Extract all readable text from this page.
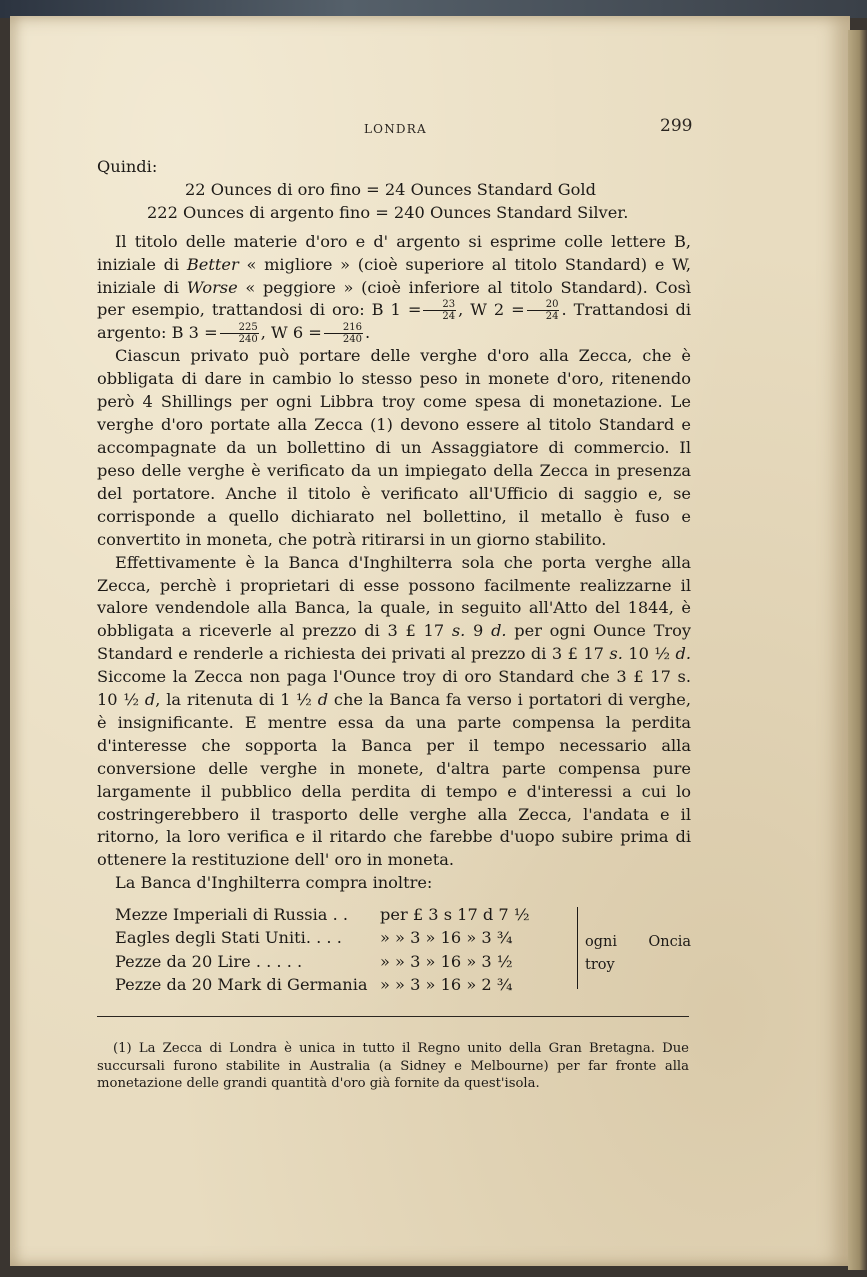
LONDRA	299

Quindi:

22 Ounces di oro fino = 24 Ounces Standard Gold

222 Ounces di argento fino = 240 Ounces Standard Silver.

Il titolo delle materie d'oro e d' argento si esprime colle lettere B, iniziale di Better « migliore » (cioè superiore al titolo Standard) e W, iniziale di Worse « peggiore » (cioè inferiore al titolo Standard). Così per esempio, trattandosi di oro: B $1 = \frac{23}{24}$ , W $2 = \frac{20}{24}$ . Trattandosi di argento: B $3 = \frac{225}{240}$ , W $6 = \frac{216}{240}$ .

Ciascun privato può portare delle verghe d'oro alla Zecca, che è obbligata di dare in cambio lo stesso peso in monete d'oro, ritenendo però 4 Shillings per ogni Libbra troy come spesa di monetazione. Le verghe d'oro portate alla Zecca (1) devono essere al titolo Standard e accompagnate da un bollettino di un Assaggiatore di commercio. Il peso delle verghe è verificato da un impiegato della Zecca in presenza del portatore. Anche il titolo è verificato all'Ufficio di saggio e, se corrisponde a quello dichiarato nel bollettino, il metallo è fuso e convertito in moneta, che potrà ritirarsi in un giorno stabilito.

Effettivamente è la Banca d'Inghilterra sola che porta verghe alla Zecca, perchè i proprietari di esse possono facilmente realizzarne il valore vendendole alla Banca, la quale, in seguito all'Atto del 1844, è obbligata a riceverle al prezzo di 3 £ 17 s. 9 d. per ogni Ounce Troy Standard e renderle a richiesta dei privati al prezzo di 3 £ 17 s. 10 ½ d. Siccome la Zecca non paga l'Ounce troy di oro Standard che 3 £ 17 s. 10 ½ d, la ritenuta di 1 ½ d che la Banca fa verso i portatori di verghe, è insignificante. E mentre essa da una parte compensa la perdita d'interesse che sopporta la Banca per il tempo necessario alla conversione delle verghe in monete, d'altra parte compensa pure largamente il pubblico della perdita di tempo e d'interessi a cui lo costringerebbero il trasporto delle verghe alla Zecca, l'andata e il ritorno, la loro verifica e il ritardo che farebbe d'uopo subire prima di ottenere la restituzione dell' oro in moneta.

La Banca d'Inghilterra compra inoltre:

Mezze Imperiali di Russia . .	per £ 3 s 17 d 7 ½
Eagles degli Stati Uniti. . . .	» » 3 » 16 » 3 ¾
Pezze da 20 Lire . . . . .	» » 3 » 16 » 3 ½
Pezze da 20 Mark di Germania » » 3 » 16 » 2 ¾
ogni Oncia troy

(1) La Zecca di Londra è unica in tutto il Regno unito della Gran Bretagna. Due succursali furono stabilite in Australia (a Sidney e Melbourne) per far fronte alla monetazione delle grandi quantità d'oro già fornite da quest'isola.
